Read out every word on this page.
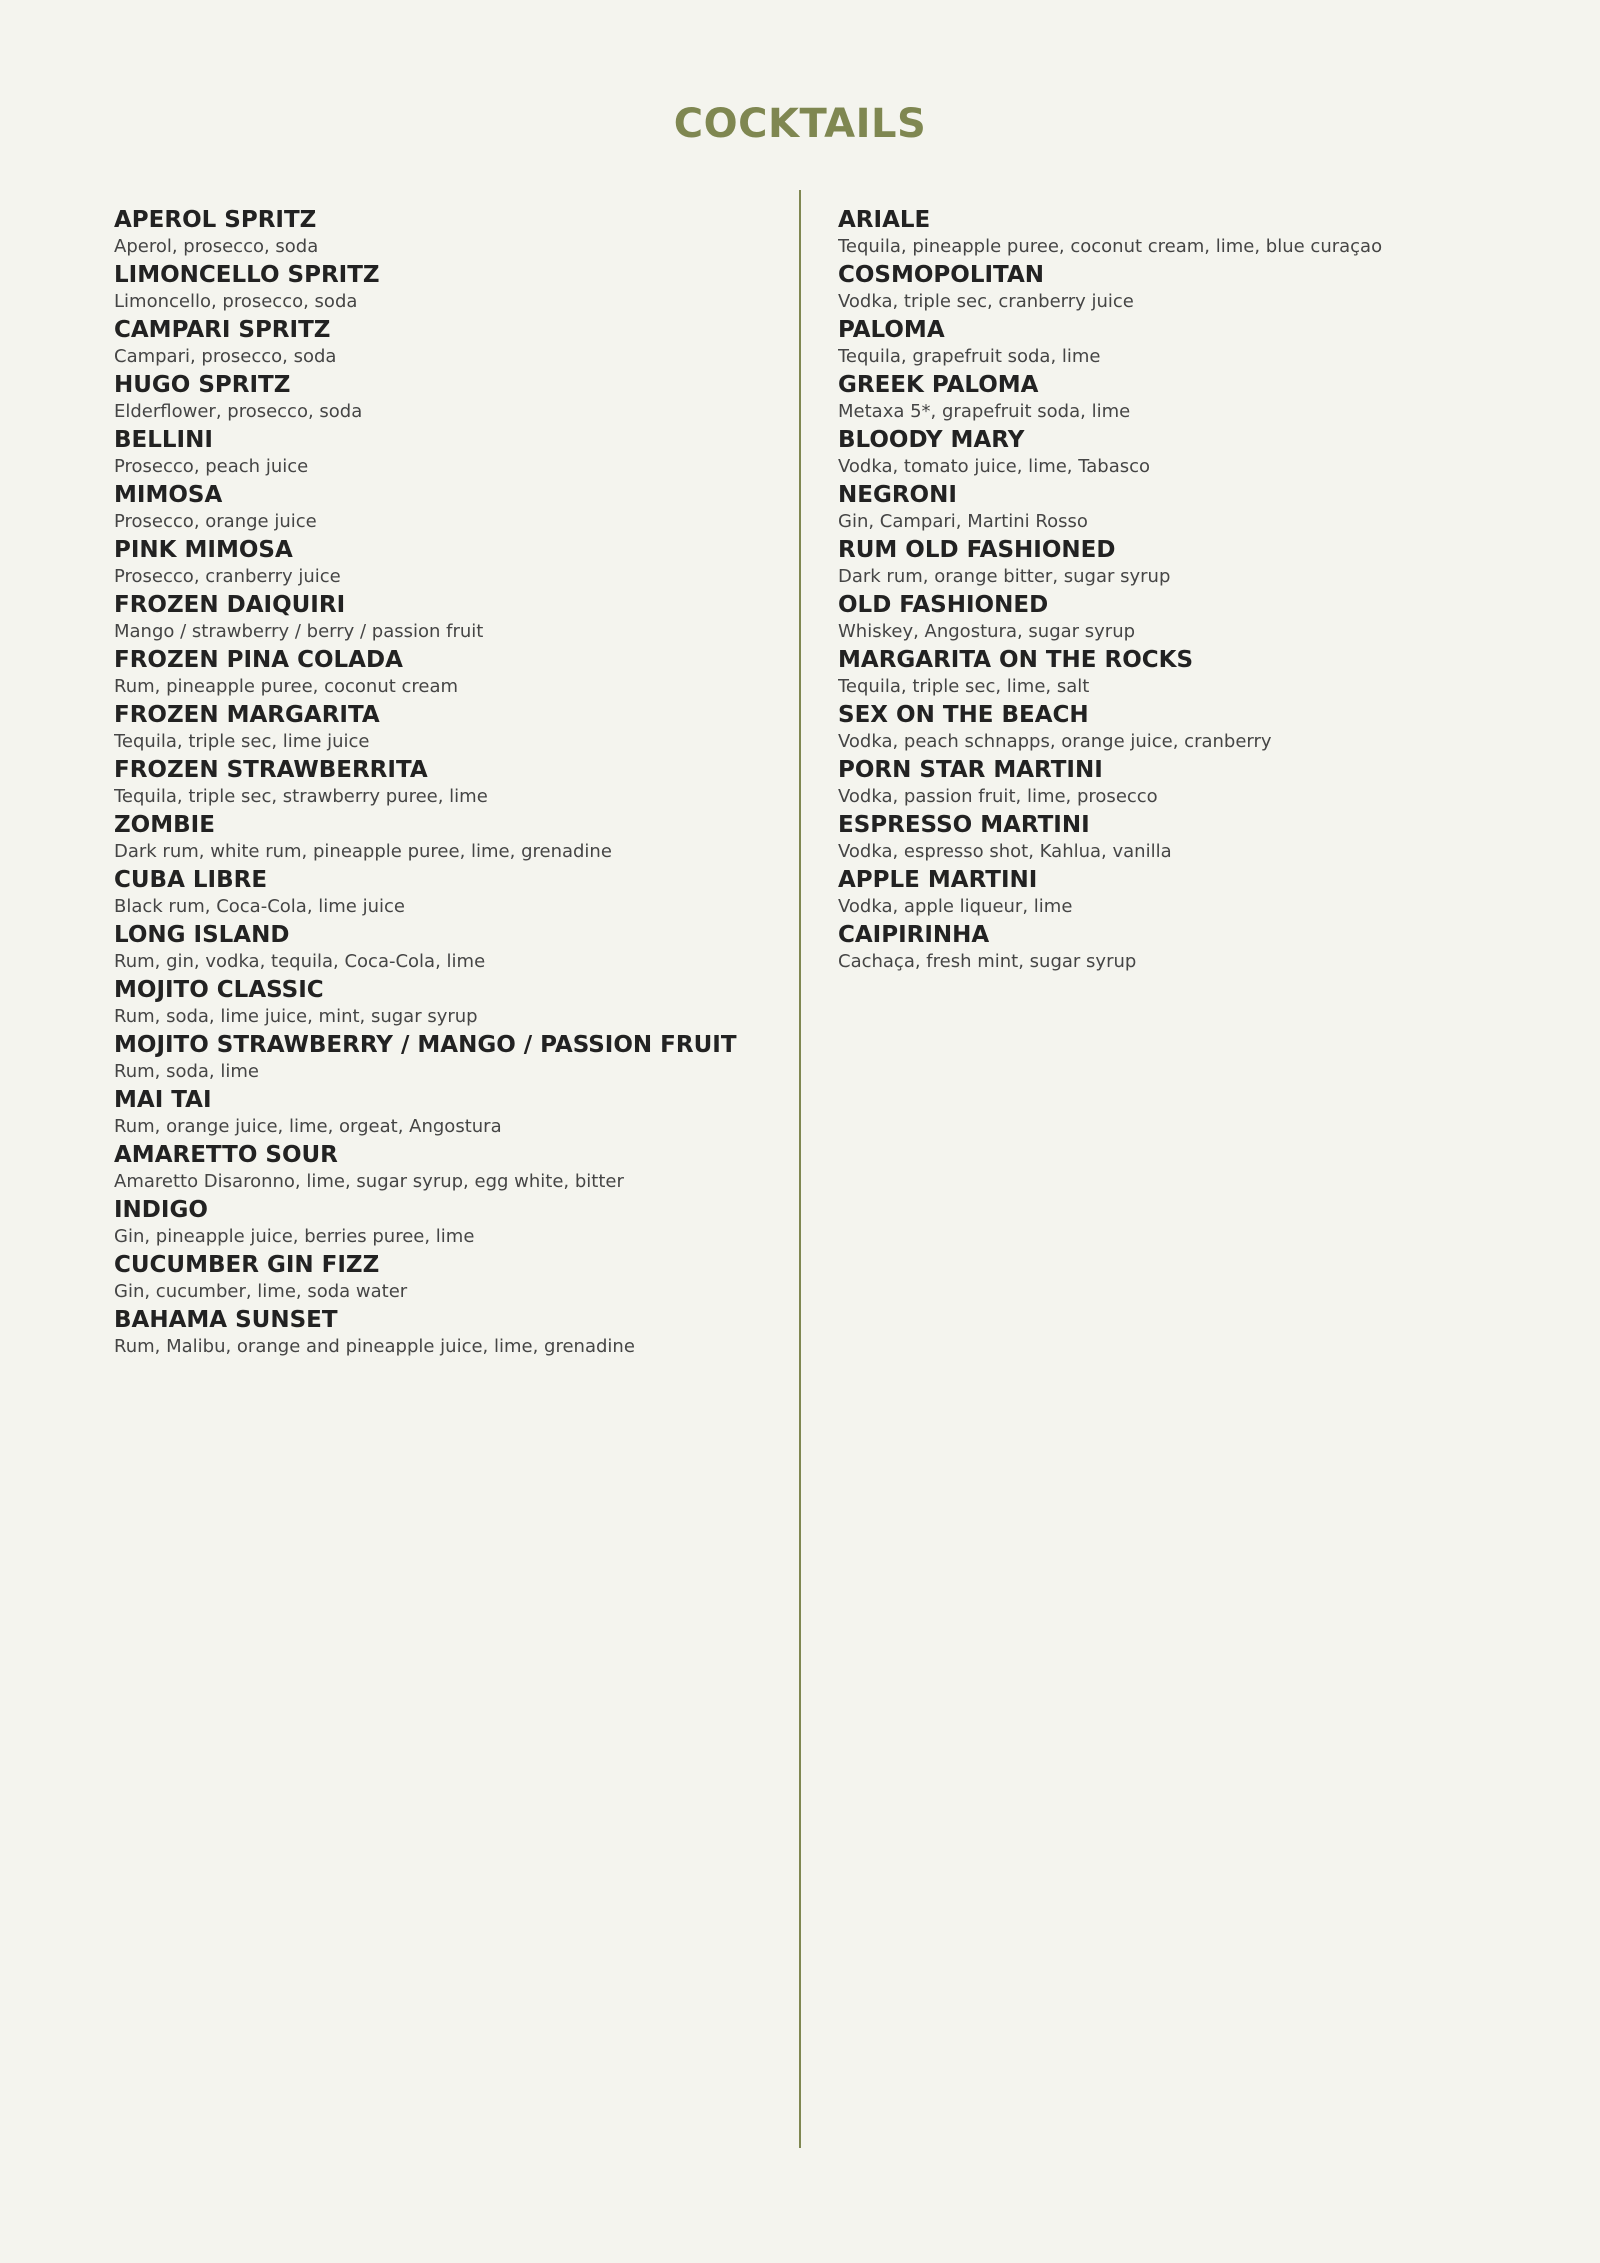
COCKTAILS
APEROL SPRITZ
Aperol, prosecco, soda
LIMONCELLO SPRITZ
Limoncello, prosecco, soda
CAMPARI SPRITZ
Campari, prosecco, soda
HUGO SPRITZ
Elderflower, prosecco, soda
BELLINI
Prosecco, peach juice
MIMOSA
Prosecco, orange juice
PINK MIMOSA
Prosecco, cranberry juice
FROZEN DAIQUIRI
Mango / strawberry / berry / passion fruit
FROZEN PINA COLADA
Rum, pineapple puree, coconut cream
FROZEN MARGARITA
Tequila, triple sec, lime juice
FROZEN STRAWBERRITA
Tequila, triple sec, strawberry puree, lime
ZOMBIE
Dark rum, white rum, pineapple puree, lime, grenadine
CUBA LIBRE
Black rum, Coca-Cola, lime juice
LONG ISLAND
Rum, gin, vodka, tequila, Coca-Cola, lime
MOJITO CLASSIC
Rum, soda, lime juice, mint, sugar syrup
MOJITO STRAWBERRY / MANGO / PASSION FRUIT
Rum, soda, lime
MAI TAI
Rum, orange juice, lime, orgeat, Angostura
AMARETTO SOUR
Amaretto Disaronno, lime, sugar syrup, egg white, bitter
INDIGO
Gin, pineapple juice, berries puree, lime
CUCUMBER GIN FIZZ
Gin, cucumber, lime, soda water
BAHAMA SUNSET
Rum, Malibu, orange and pineapple juice, lime, grenadine
ARIALE
Tequila, pineapple puree, coconut cream, lime, blue curaçao
COSMOPOLITAN
Vodka, triple sec, cranberry juice
PALOMA
Tequila, grapefruit soda, lime
GREEK PALOMA
Metaxa 5*, grapefruit soda, lime
BLOODY MARY
Vodka, tomato juice, lime, Tabasco
NEGRONI
Gin, Campari, Martini Rosso
RUM OLD FASHIONED
Dark rum, orange bitter, sugar syrup
OLD FASHIONED
Whiskey, Angostura, sugar syrup
MARGARITA ON THE ROCKS
Tequila, triple sec, lime, salt
SEX ON THE BEACH
Vodka, peach schnapps, orange juice, cranberry
PORN STAR MARTINI
Vodka, passion fruit, lime, prosecco
ESPRESSO MARTINI
Vodka, espresso shot, Kahlua, vanilla
APPLE MARTINI
Vodka, apple liqueur, lime
CAIPIRINHA
Cachaça, fresh mint, sugar syrup
